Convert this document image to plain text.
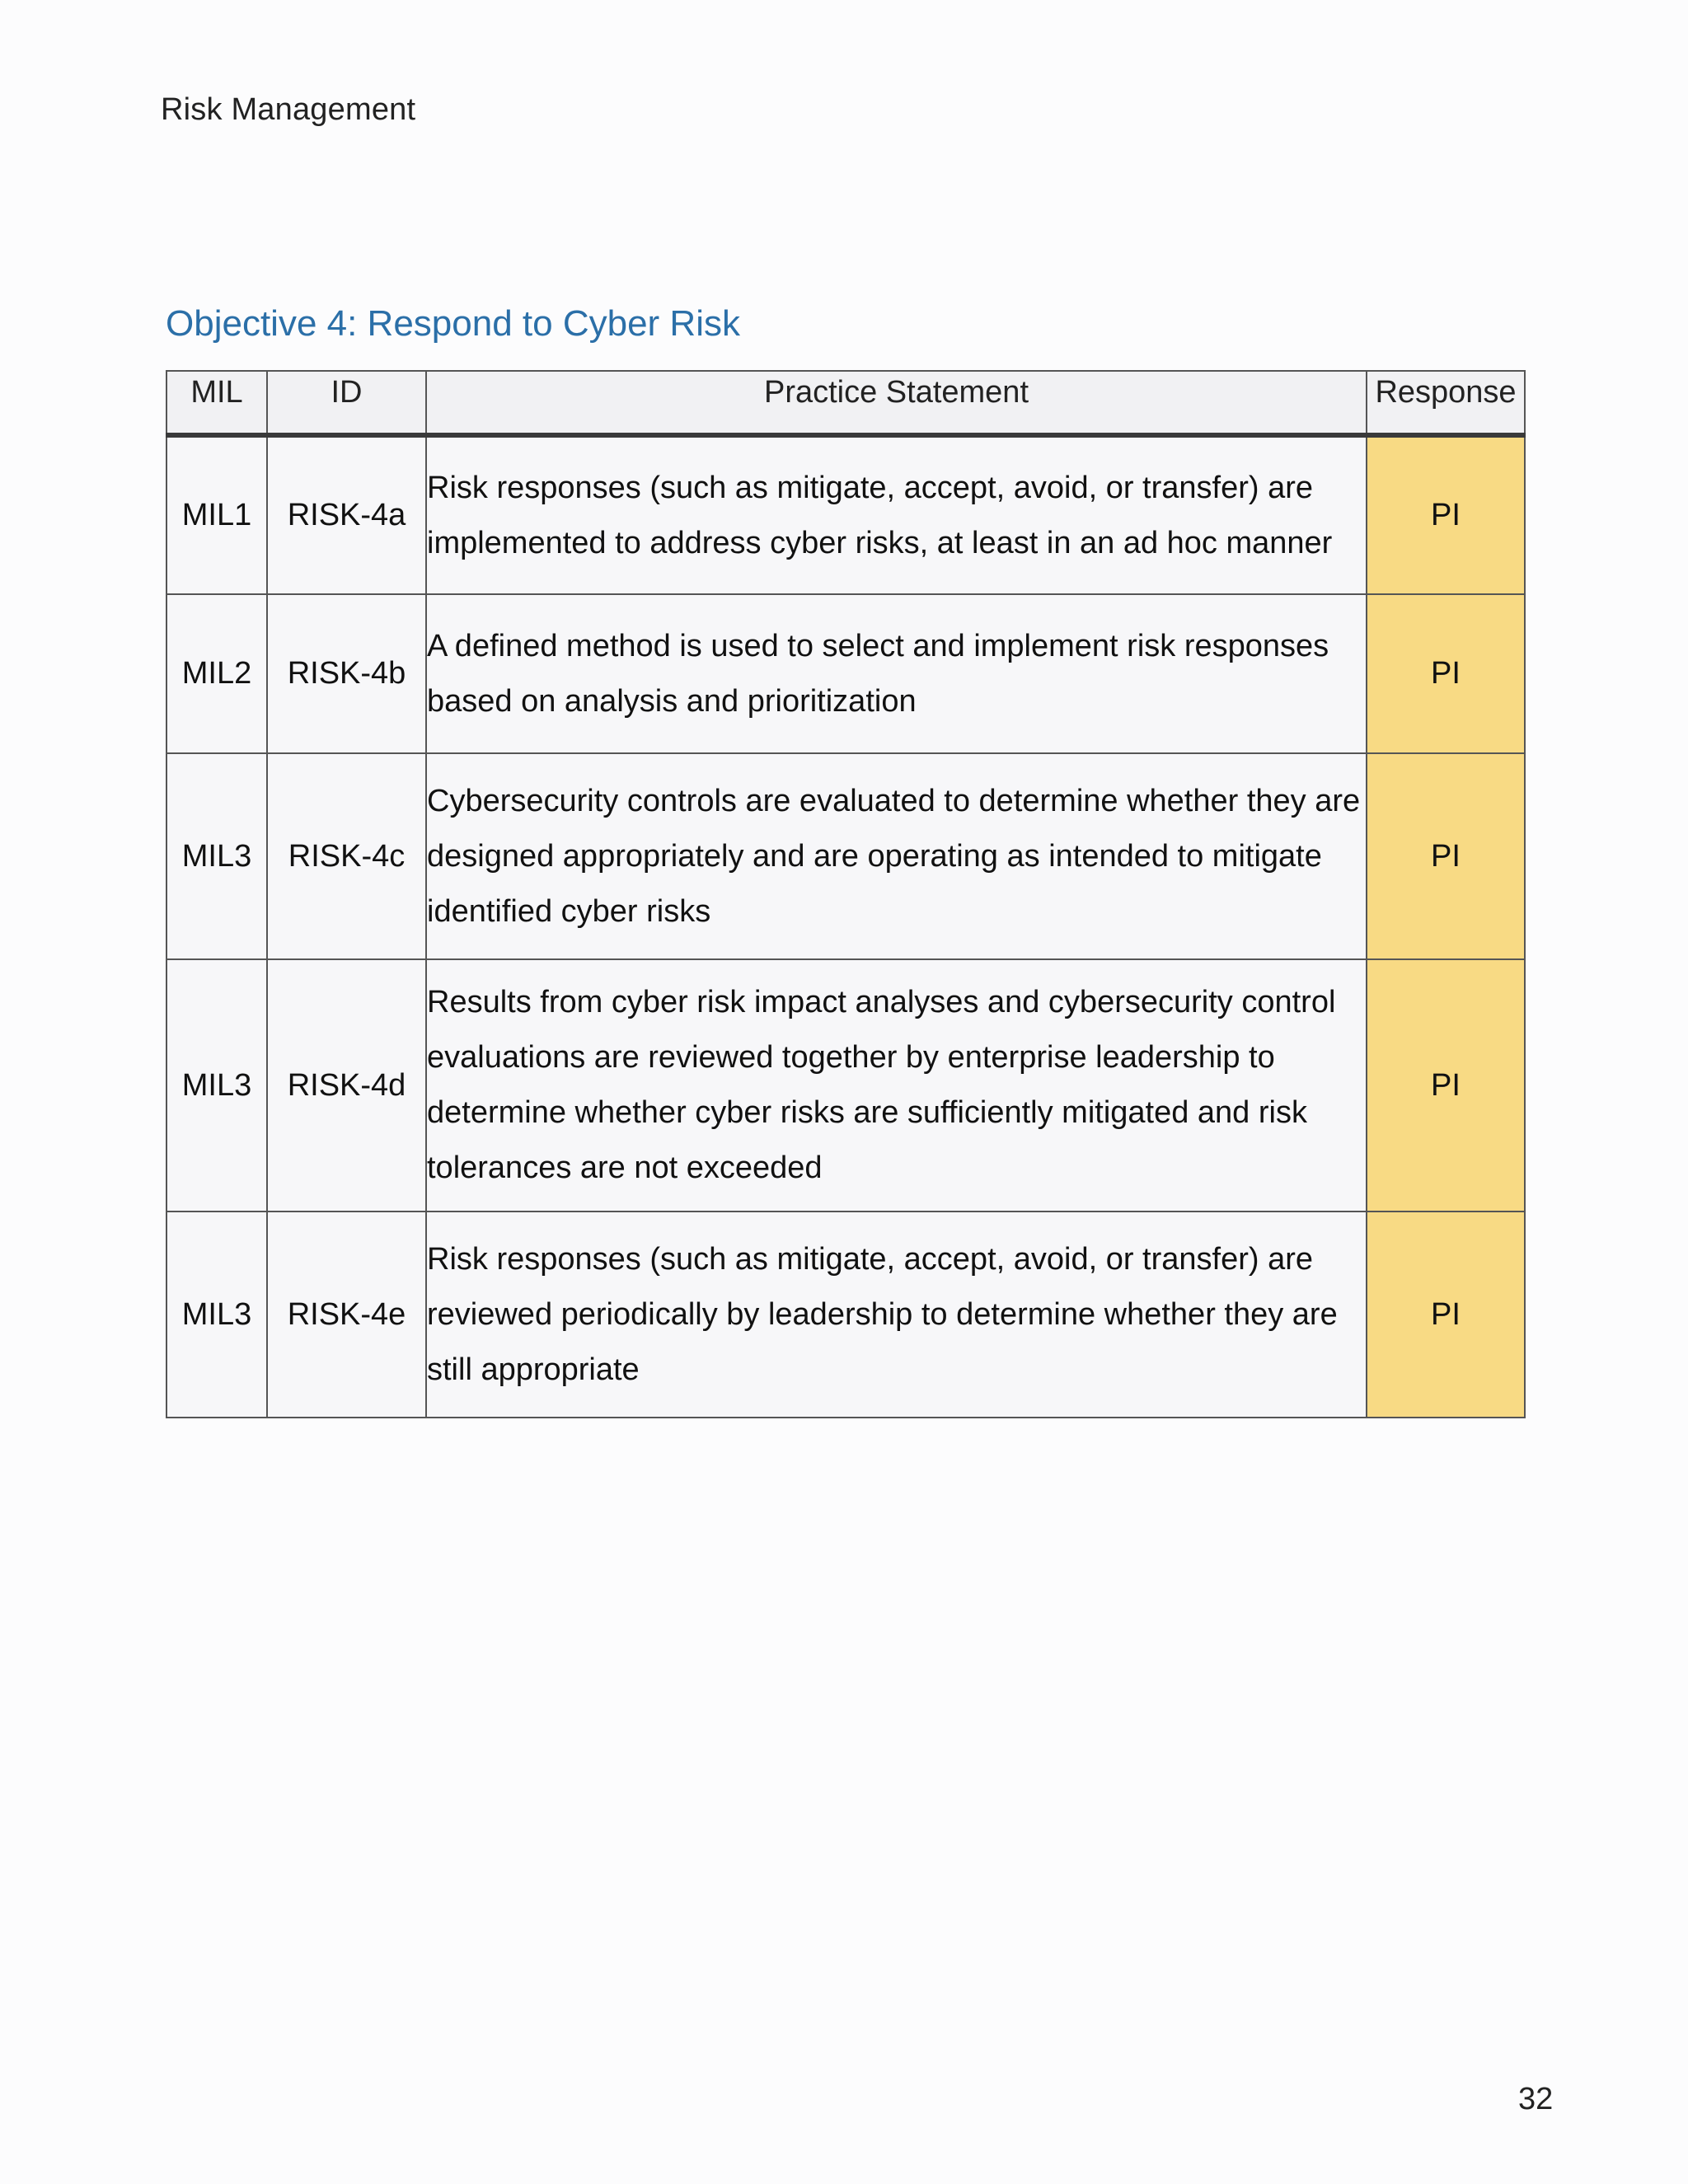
Risk Management
Objective 4: Respond to Cyber Risk
MIL	ID	Practice Statement	Response
MIL1	RISK-4a	Risk responses (such as mitigate, accept, avoid, or transfer) are implemented to address cyber risks, at least in an ad hoc manner	PI
MIL2	RISK-4b	A defined method is used to select and implement risk responses based on analysis and prioritization	PI
MIL3	RISK-4c	Cybersecurity controls are evaluated to determine whether they are designed appropriately and are operating as intended to mitigate identified cyber risks	PI
MIL3	RISK-4d	Results from cyber risk impact analyses and cybersecurity control evaluations are reviewed together by enterprise leadership to determine whether cyber risks are sufficiently mitigated and risk tolerances are not exceeded	PI
MIL3	RISK-4e	Risk responses (such as mitigate, accept, avoid, or transfer) are reviewed periodically by leadership to determine whether they are still appropriate	PI
32
